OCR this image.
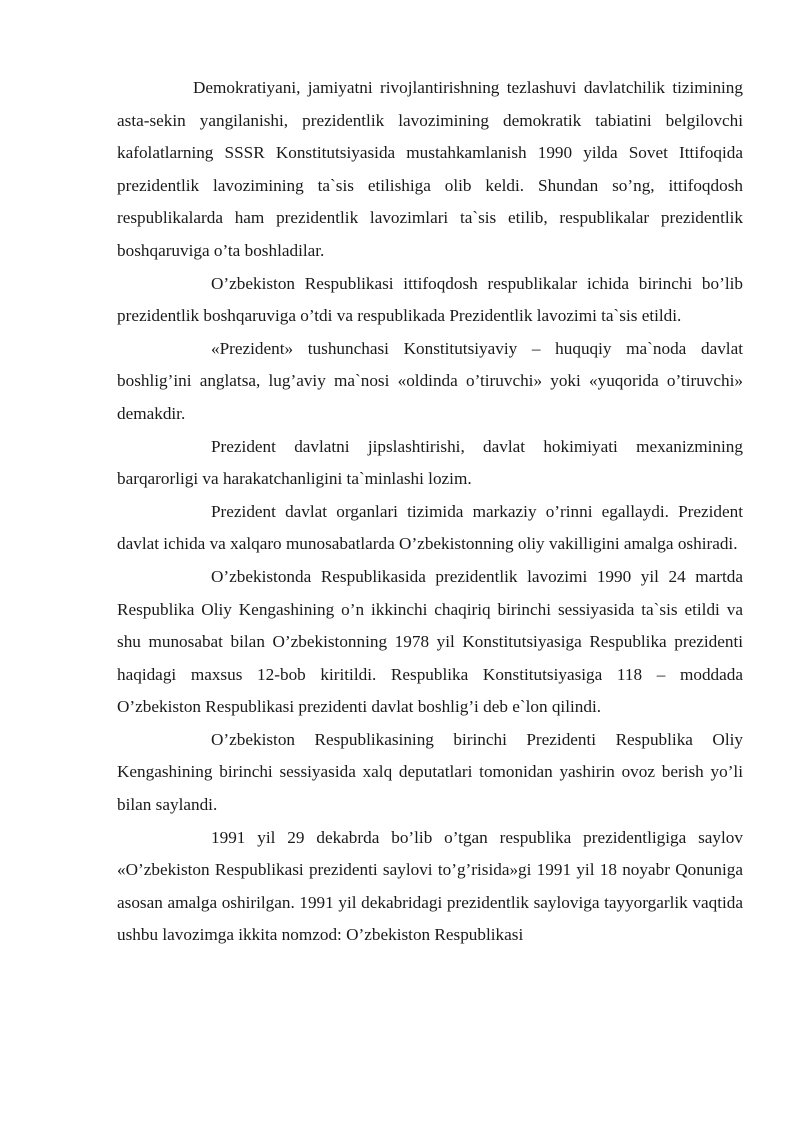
Demokratiyani, jamiyatni rivojlantirishning tezlashuvi davlatchilik tizimining asta-sekin yangilanishi, prezidentlik lavozimining demokratik tabiatini belgilovchi kafolatlarning SSSR Konstitutsiyasida mustahkamlanish 1990 yilda Sovet Ittifoqida prezidentlik lavozimining ta`sis etilishiga olib keldi. Shundan so’ng, ittifoqdosh respublikalarda ham prezidentlik lavozimlari ta`sis etilib, respublikalar prezidentlik boshqaruviga o’ta boshladilar.

O’zbekiston Respublikasi ittifoqdosh respublikalar ichida birinchi bo’lib prezidentlik boshqaruviga o’tdi va respublikada Prezidentlik lavozimi ta`sis etildi.

«Prezident» tushunchasi Konstitutsiyaviy – huquqiy ma`noda davlat boshlig’ini anglatsa, lug’aviy ma`nosi «oldinda o’tiruvchi» yoki «yuqorida o’tiruvchi» demakdir.

Prezident davlatni jipslashtirishi, davlat hokimiyati mexanizmining barqarorligi va harakatchanligini ta`minlashi lozim.

Prezident davlat organlari tizimida markaziy o’rinni egallaydi. Prezident davlat ichida va xalqaro munosabatlarda O’zbekistonning oliy vakilligini amalga oshiradi.

O’zbekistonda Respublikasida prezidentlik lavozimi 1990 yil 24 martda Respublika Oliy Kengashining o’n ikkinchi chaqiriq birinchi sessiyasida ta`sis etildi va shu munosabat bilan O’zbekistonning 1978 yil Konstitutsiyasiga Respublika prezidenti haqidagi maxsus 12-bob kiritildi. Respublika Konstitutsiyasiga 118 – moddada O’zbekiston Respublikasi prezidenti davlat boshlig’i deb e`lon qilindi.

O’zbekiston Respublikasining birinchi Prezidenti Respublika Oliy Kengashining birinchi sessiyasida xalq deputatlari tomonidan yashirin ovoz berish yo’li bilan saylandi.

1991 yil 29 dekabrda bo’lib o’tgan respublika prezidentligiga saylov «O’zbekiston Respublikasi prezidenti saylovi to’g’risida»gi 1991 yil 18 noyabr Qonuniga asosan amalga oshirilgan. 1991 yil dekabridagi prezidentlik sayloviga tayyorgarlik vaqtida ushbu lavozimga ikkita nomzod: O’zbekiston Respublikasi
